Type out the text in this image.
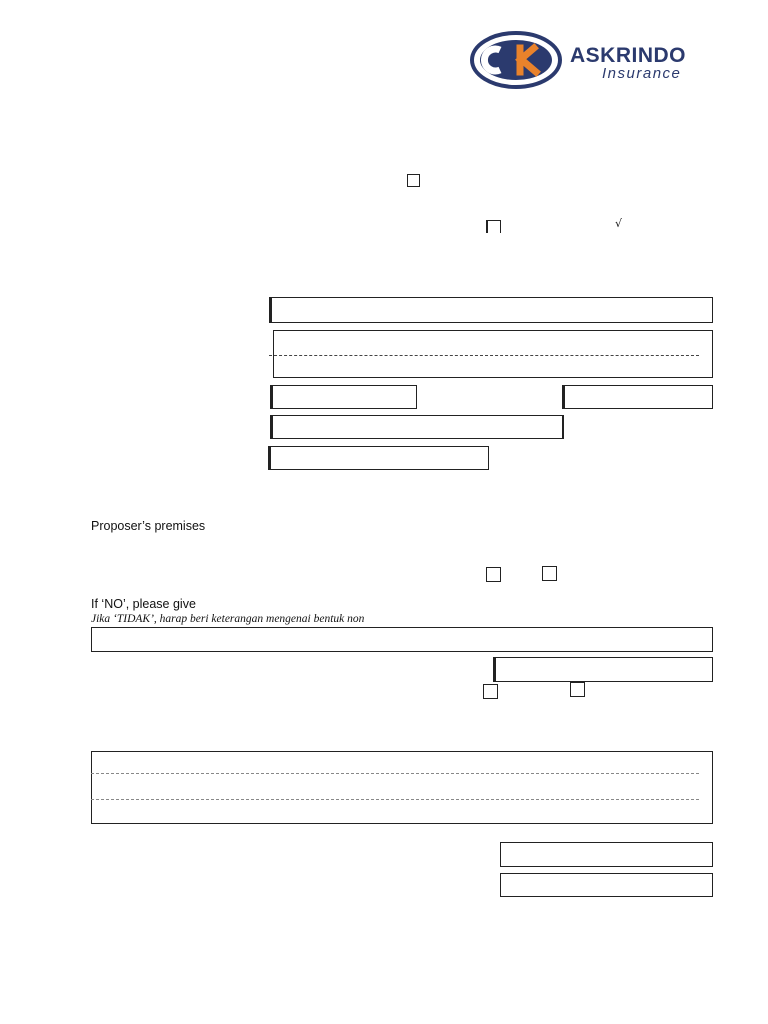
ASKRINDO
Insurance
√
Proposer’s premises
If ‘NO’, please give
Jika ‘TIDAK’, harap beri keterangan mengenai bentuk non
